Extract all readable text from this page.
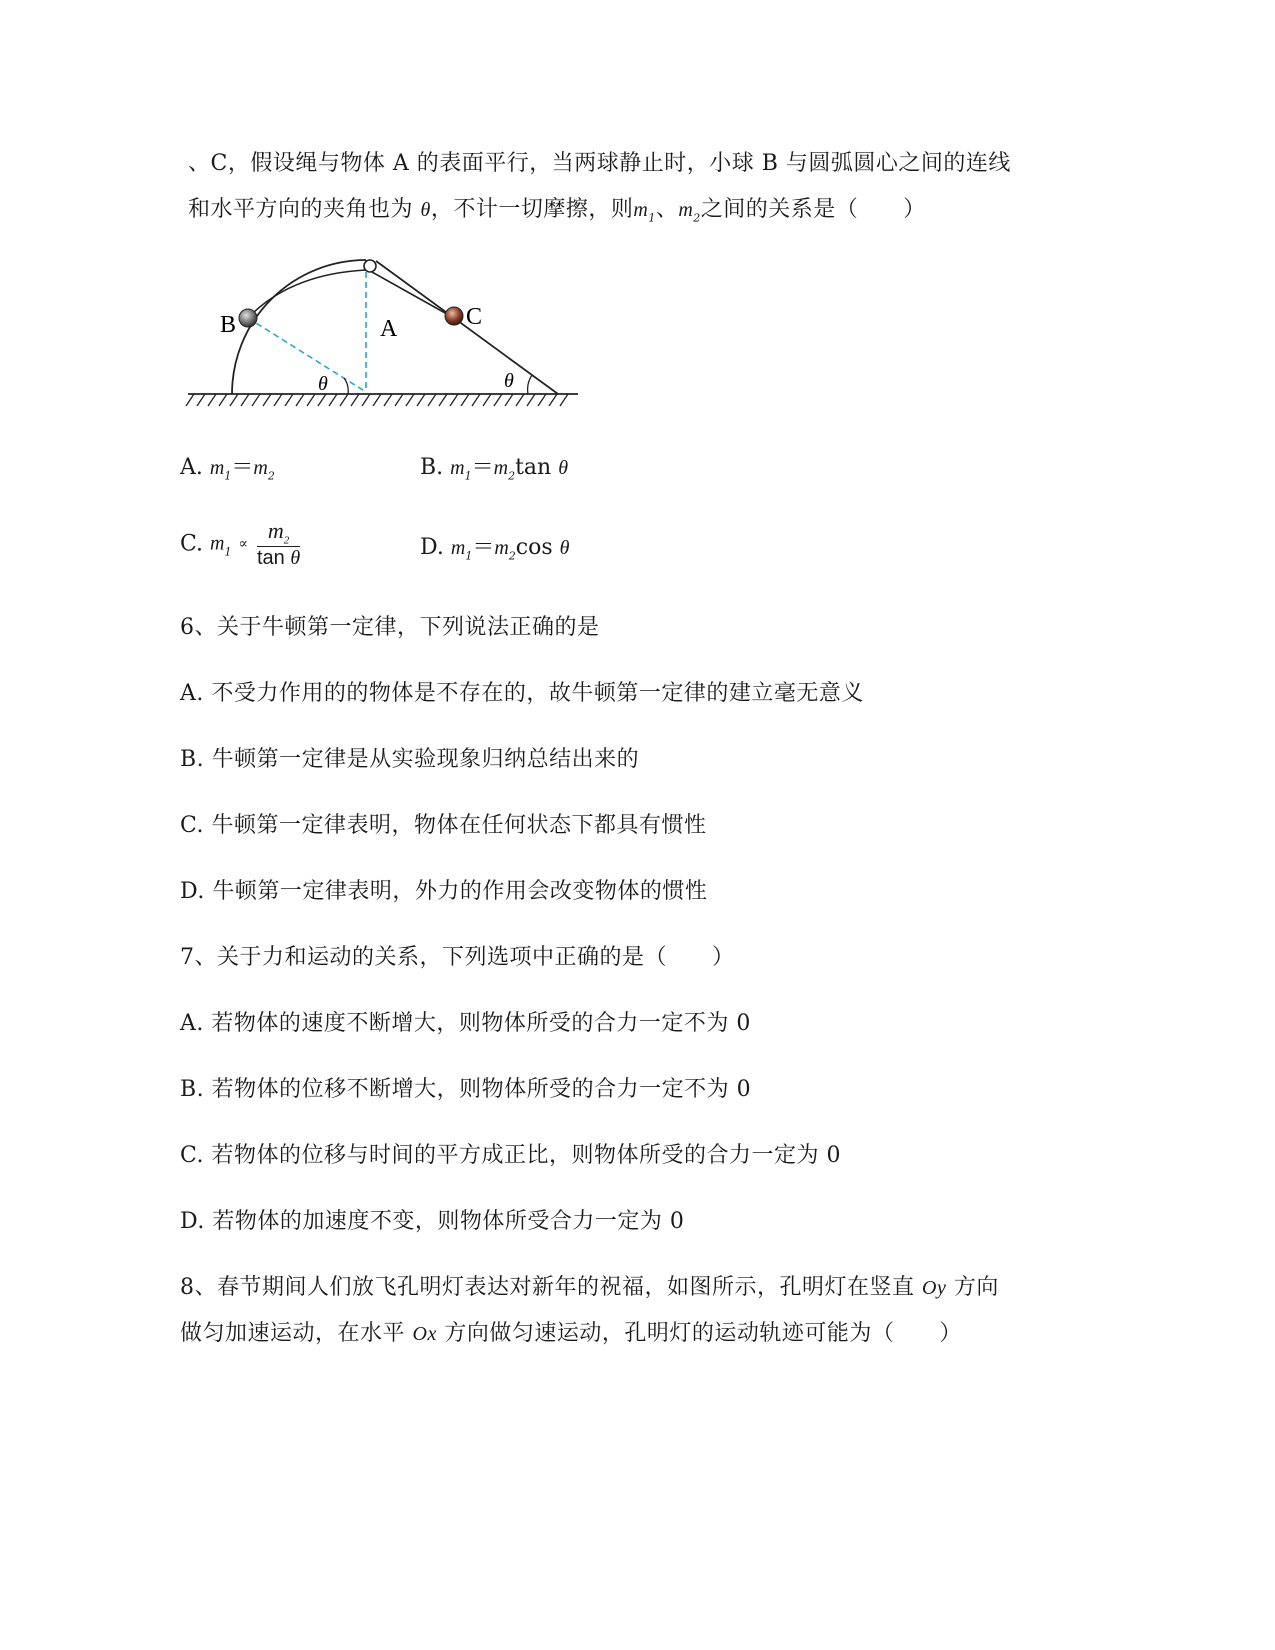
、C，假设绳与物体 A 的表面平行，当两球静止时，小球 B 与圆弧圆心之间的连线
和水平方向的夹角也为 θ，不计一切摩擦，则$m_1$、$m_2$之间的关系是（　　）
B	A	C
θ	θ
A. $m_1=m_2$	B. $m_1=m_2\tan$ θ
C. $m_1 \propto \frac{m_2}{\text{tan θ}}$	D. $m_1=m_2\cos$ θ
6、关于牛顿第一定律，下列说法正确的是
A. 不受力作用的的物体是不存在的，故牛顿第一定律的建立毫无意义
B. 牛顿第一定律是从实验现象归纳总结出来的
C. 牛顿第一定律表明，物体在任何状态下都具有惯性
D. 牛顿第一定律表明，外力的作用会改变物体的惯性
7、关于力和运动的关系，下列选项中正确的是（　　）
A. 若物体的速度不断增大，则物体所受的合力一定不为 0
B. 若物体的位移不断增大，则物体所受的合力一定不为 0
C. 若物体的位移与时间的平方成正比，则物体所受的合力一定为 0
D. 若物体的加速度不变，则物体所受合力一定为 0
8、春节期间人们放飞孔明灯表达对新年的祝福，如图所示，孔明灯在竖直 Oy 方向
做匀加速运动，在水平 Ox 方向做匀速运动，孔明灯的运动轨迹可能为（　　）
